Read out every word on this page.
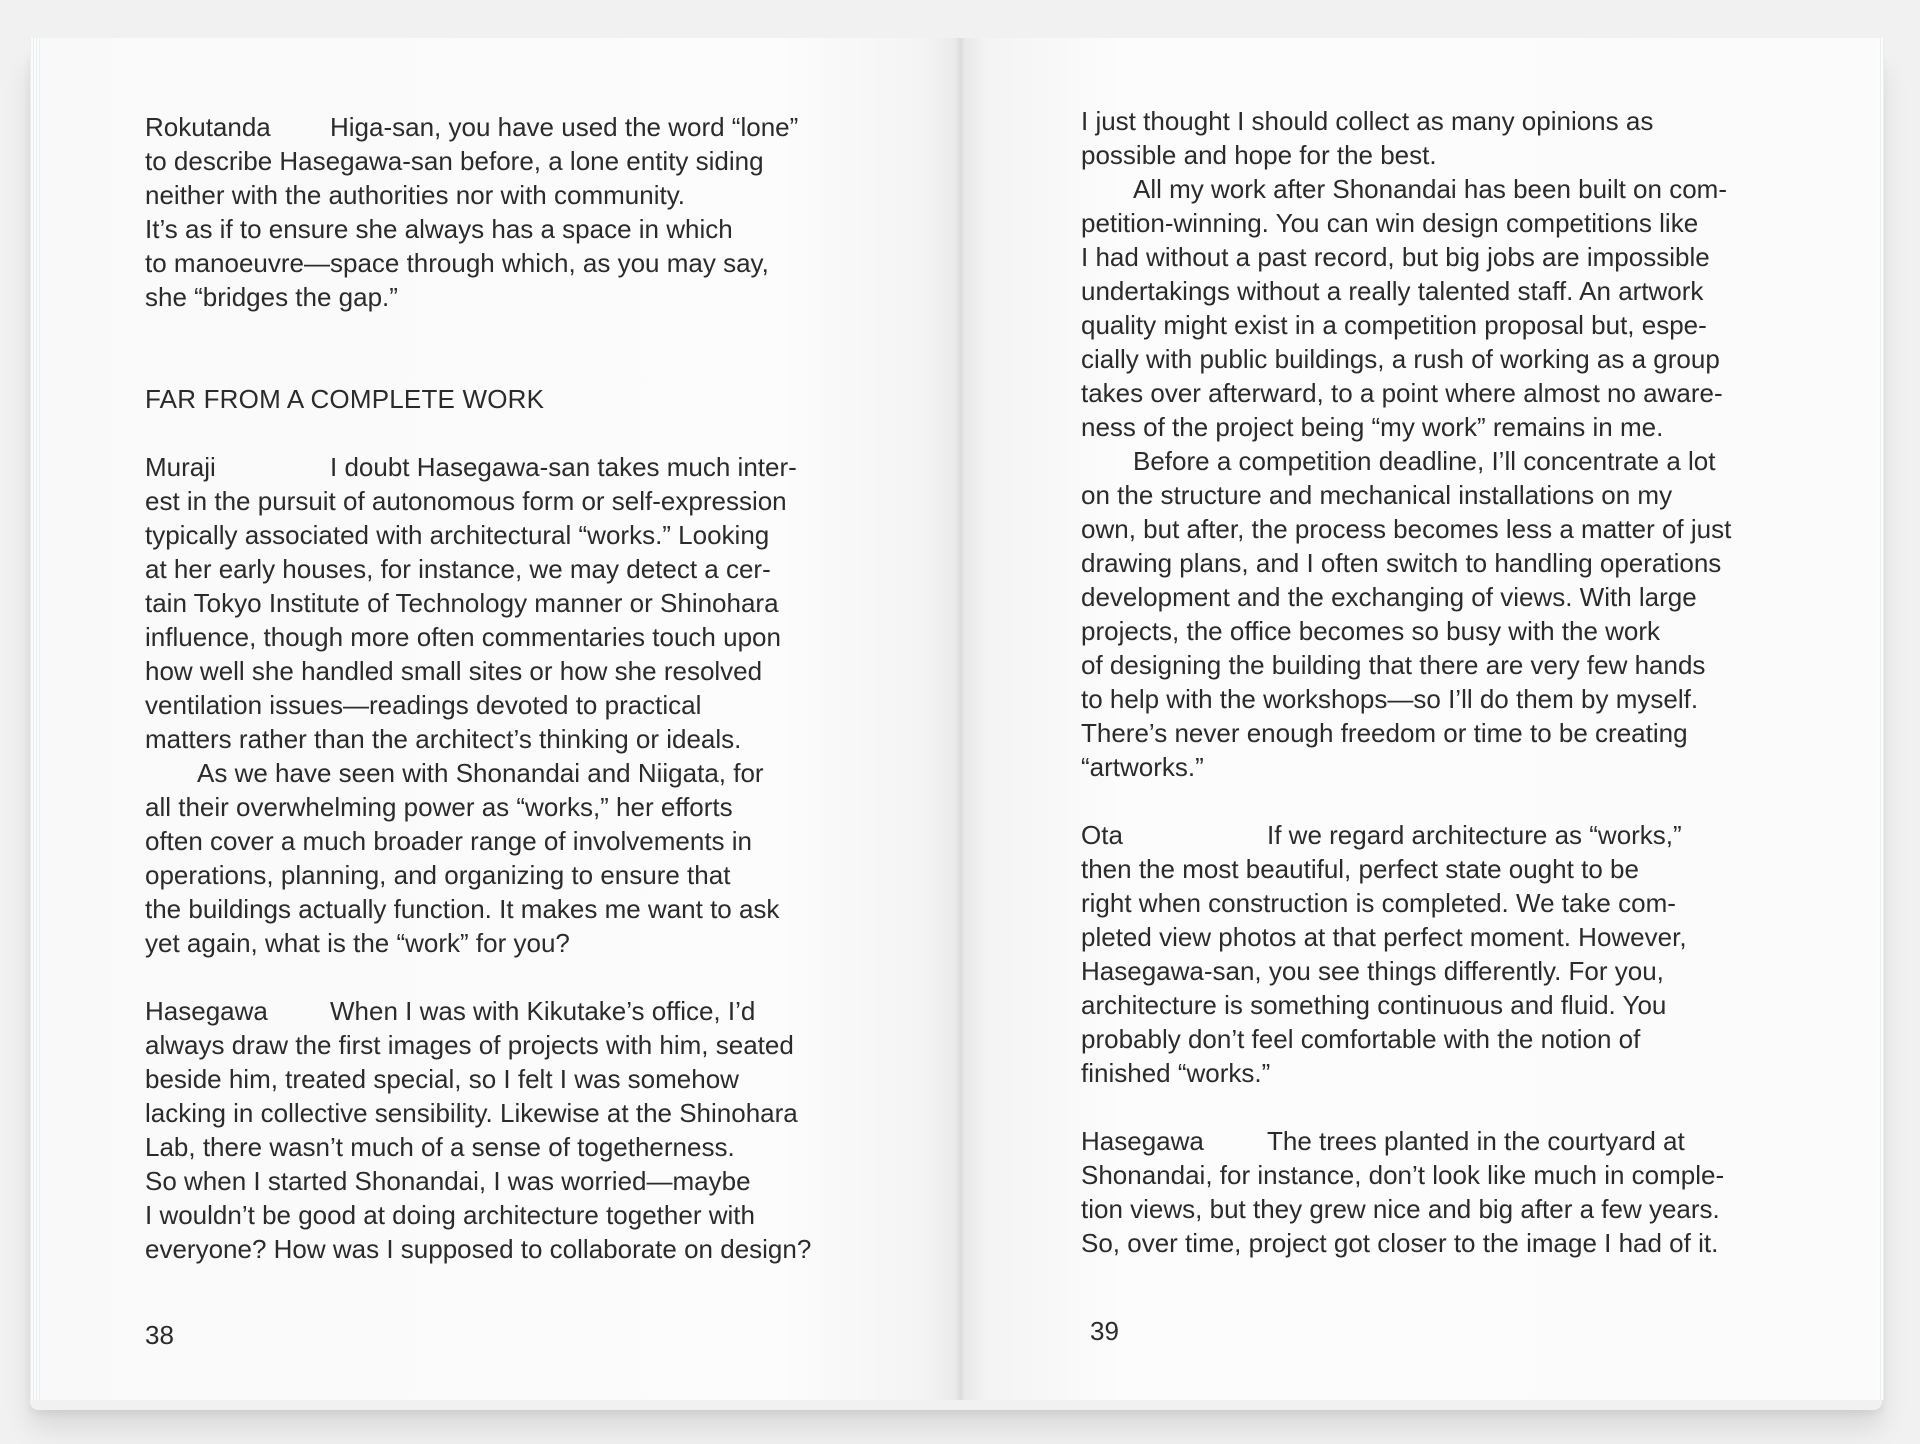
Rokutanda Higa-san, you have used the word “lone”

to describe Hasegawa-san before, a lone entity siding

neither with the authorities nor with community.

It’s as if to ensure she always has a space in which

to manoeuvre—space through which, as you may say,

she “bridges the gap.”

FAR FROM A COMPLETE WORK

Muraji	I doubt Hasegawa-san takes much inter-

est in the pursuit of autonomous form or self-expression

typically associated with architectural “works.” Looking

at her early houses, for instance, we may detect a cer-

tain Tokyo Institute of Technology manner or Shinohara

influence, though more often commentaries touch upon

how well she handled small sites or how she resolved

ventilation issues—readings devoted to practical

matters rather than the architect’s thinking or ideals.

As we have seen with Shonandai and Niigata, for

all their overwhelming power as “works,” her efforts

often cover a much broader range of involvements in

operations, planning, and organizing to ensure that

the buildings actually function. It makes me want to ask

yet again, what is the “work” for you?

Hasegawa When I was with Kikutake’s office, I’d

always draw the first images of projects with him, seated

beside him, treated special, so I felt I was somehow

lacking in collective sensibility. Likewise at the Shinohara

Lab, there wasn’t much of a sense of togetherness.

So when I started Shonandai, I was worried—maybe

I wouldn’t be good at doing architecture together with

everyone? How was I supposed to collaborate on design?

38

I just thought I should collect as many opinions as

possible and hope for the best.

All my work after Shonandai has been built on com-

petition-winning. You can win design competitions like

I had without a past record, but big jobs are impossible

undertakings without a really talented staff. An artwork

quality might exist in a competition proposal but, espe-

cially with public buildings, a rush of working as a group

takes over afterward, to a point where almost no aware-

ness of the project being “my work” remains in me.

Before a competition deadline, I’ll concentrate a lot

on the structure and mechanical installations on my

own, but after, the process becomes less a matter of just

drawing plans, and I often switch to handling operations

development and the exchanging of views. With large

projects, the office becomes so busy with the work

of designing the building that there are very few hands

to help with the workshops—so I’ll do them by myself.

There’s never enough freedom or time to be creating

“artworks.”

Ota	If we regard architecture as “works,”

then the most beautiful, perfect state ought to be

right when construction is completed. We take com-

pleted view photos at that perfect moment. However,

Hasegawa-san, you see things differently. For you,

architecture is something continuous and fluid. You

probably don’t feel comfortable with the notion of

finished “works.”

Hasegawa The trees planted in the courtyard at

Shonandai, for instance, don’t look like much in comple-

tion views, but they grew nice and big after a few years.

So, over time, project got closer to the image I had of it.

39
